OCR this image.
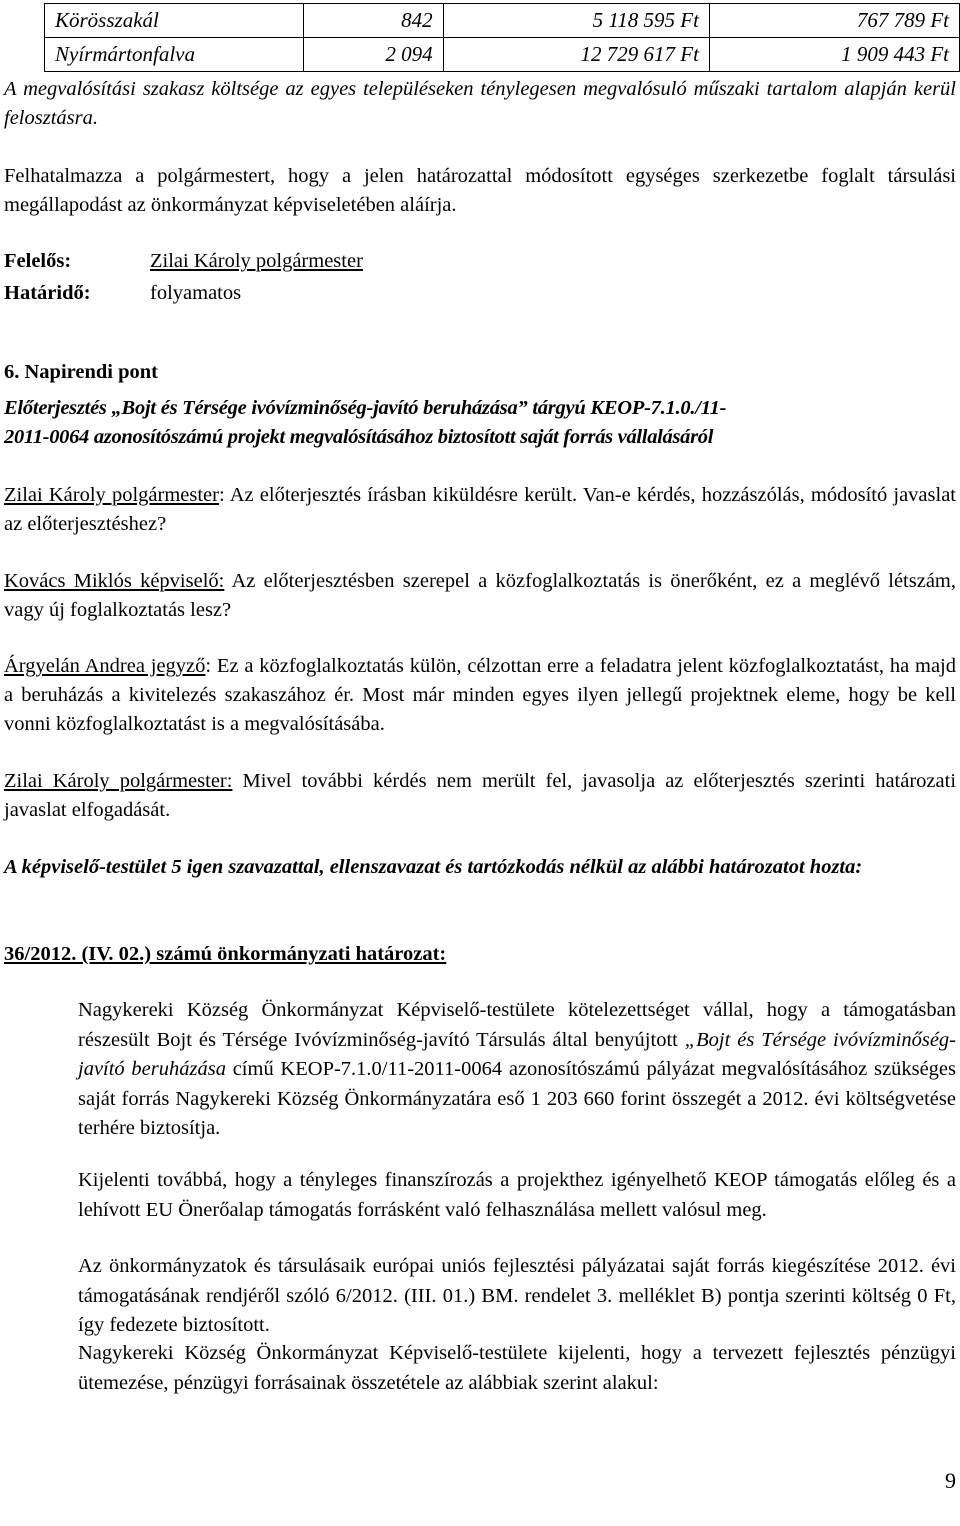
Körösszakál	842	5 118 595 Ft	767 789 Ft
Nyírmártonfalva	2 094	12 729 617 Ft	1 909 443 Ft
A megvalósítási szakasz költsége az egyes településeken ténylegesen megvalósuló műszaki tartalom alapján kerül felosztásra.
Felhatalmazza a polgármestert, hogy a jelen határozattal módosított egységes szerkezetbe foglalt társulási megállapodást az önkormányzat képviseletében aláírja.
Felelős:	Zilai Károly polgármester
Határidő:	folyamatos
6. Napirendi pont
Előterjesztés „Bojt és Térsége ivóvízminőség-javító beruházása” tárgyú KEOP-7.1.0./11-
2011-0064 azonosítószámú projekt megvalósításához biztosított saját forrás vállalásáról
Zilai Károly polgármester: Az előterjesztés írásban kiküldésre került. Van-e kérdés, hozzászólás, módosító javaslat az előterjesztéshez?
Kovács Miklós képviselő: Az előterjesztésben szerepel a közfoglalkoztatás is önerőként, ez a meglévő létszám, vagy új foglalkoztatás lesz?
Árgyelán Andrea jegyző: Ez a közfoglalkoztatás külön, célzottan erre a feladatra jelent közfoglalkoztatást, ha majd a beruházás a kivitelezés szakaszához ér. Most már minden egyes ilyen jellegű projektnek eleme, hogy be kell vonni közfoglalkoztatást is a megvalósításába.
Zilai Károly polgármester: Mivel további kérdés nem merült fel, javasolja az előterjesztés szerinti határozati javaslat elfogadását.
A képviselő-testület 5 igen szavazattal, ellenszavazat és tartózkodás nélkül az alábbi határozatot hozta:
36/2012. (IV. 02.) számú önkormányzati határozat:
Nagykereki Község Önkormányzat Képviselő-testülete kötelezettséget vállal, hogy a támogatásban részesült Bojt és Térsége Ivóvízminőség-javító Társulás által benyújtott „Bojt és Térsége ivóvízminőség-javító beruházása című KEOP-7.1.0/11-2011-0064 azonosítószámú pályázat megvalósításához szükséges saját forrás Nagykereki Község Önkormányzatára eső 1 203 660 forint összegét a 2012. évi költségvetése terhére biztosítja.
Kijelenti továbbá, hogy a tényleges finanszírozás a projekthez igényelhető KEOP támogatás előleg és a lehívott EU Önerőalap támogatás forrásként való felhasználása mellett valósul meg.
Az önkormányzatok és társulásaik európai uniós fejlesztési pályázatai saját forrás kiegészítése 2012. évi támogatásának rendjéről szóló 6/2012. (III. 01.) BM. rendelet 3. melléklet B) pontja szerinti költség 0 Ft, így fedezete biztosított.
Nagykereki Község Önkormányzat Képviselő-testülete kijelenti, hogy a tervezett fejlesztés pénzügyi ütemezése, pénzügyi forrásainak összetétele az alábbiak szerint alakul:
9
